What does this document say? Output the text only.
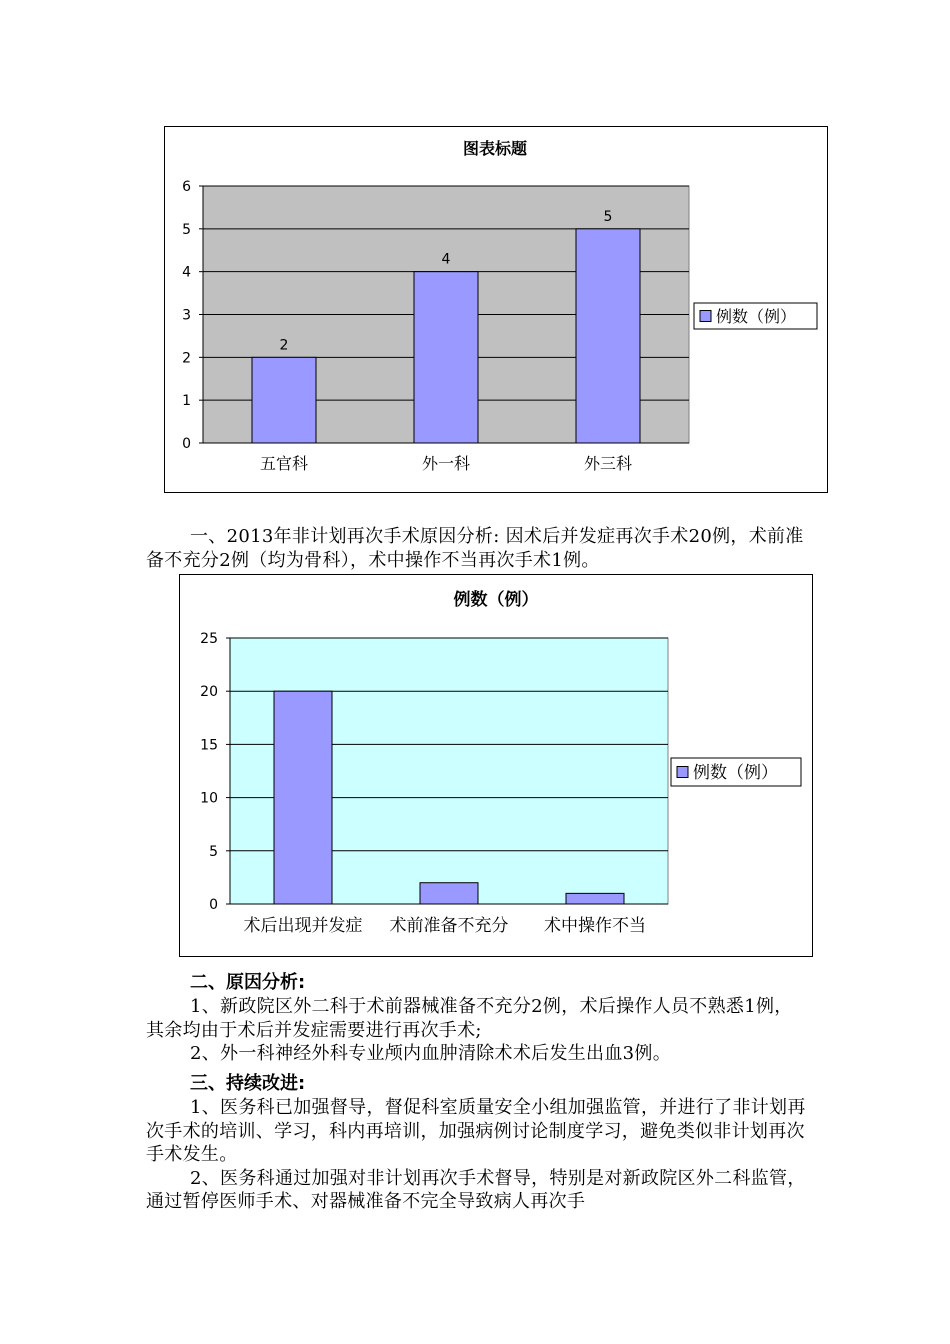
图表标题
0
1
2
3
4
5
6
2
五官科
4
外一科
5
外三科
例数（例）
例数（例）
0
5
10
15
20
25
术后出现并发症 术前准备不充分 术中操作不当
例数（例）

一、2013年非计划再次手术原因分析: 因术后并发症再次手术20例，术前准备不充分2例（均为骨科），术中操作不当再次手术1例。

二、原因分析:

1、新政院区外二科于术前器械准备不充分2例，术后操作人员不熟悉1例，其余均由于术后并发症需要进行再次手术;

2、外一科神经外科专业颅内血肿清除术术后发生出血3例。

三、持续改进:

1、医务科已加强督导，督促科室质量安全小组加强监管，并进行了非计划再次手术的培训、学习，科内再培训，加强病例讨论制度学习，避免类似非计划再次手术发生。

2、医务科通过加强对非计划再次手术督导，特别是对新政院区外二科监管，通过暂停医师手术、对器械准备不完全导致病人再次手
